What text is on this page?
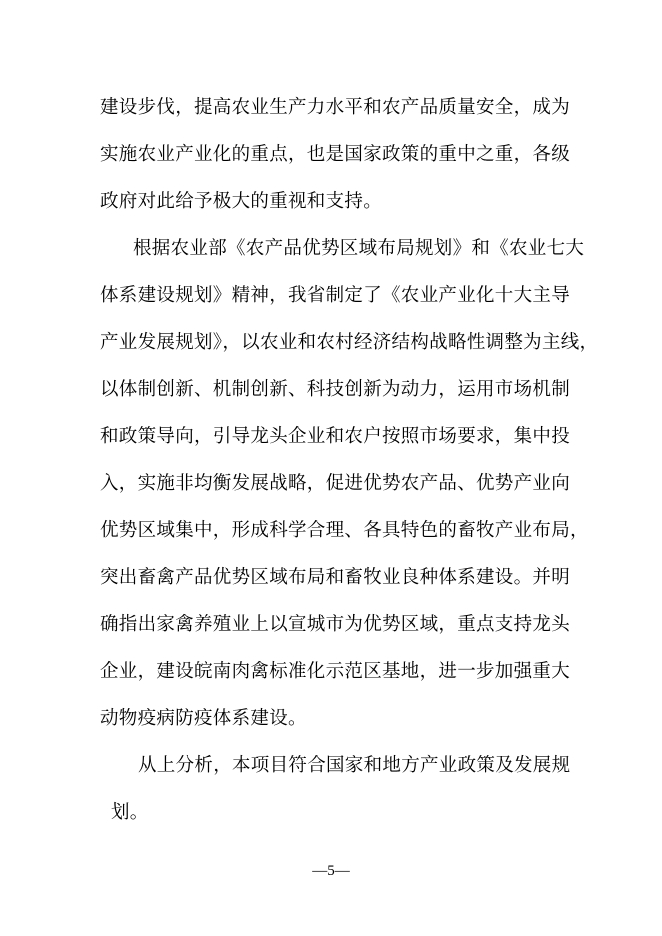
建设步伐，提高农业生产力水平和农产品质量安全，成为
实施农业产业化的重点，也是国家政策的重中之重，各级
政府对此给予极大的重视和支持。
根据农业部《农产品优势区域布局规划》和《农业七大
体系建设规划》精神，我省制定了《农业产业化十大主导
产业发展规划》，以农业和农村经济结构战略性调整为主线，
以体制创新、机制创新、科技创新为动力，运用市场机制
和政策导向，引导龙头企业和农户按照市场要求，集中投
入，实施非均衡发展战略，促进优势农产品、优势产业向
优势区域集中，形成科学合理、各具特色的畜牧产业布局，
突出畜禽产品优势区域布局和畜牧业良种体系建设。并明
确指出家禽养殖业上以宣城市为优势区域，重点支持龙头
企业，建设皖南肉禽标准化示范区基地，进一步加强重大
动物疫病防疫体系建设。
从上分析，本项目符合国家和地方产业政策及发展规
划。
—5—
